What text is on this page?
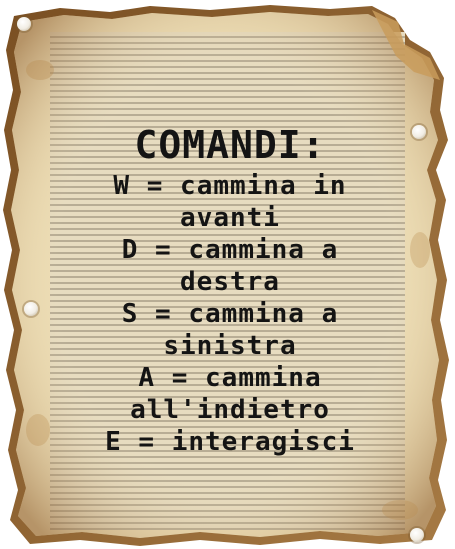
COMANDI:
W = cammina in
avanti
D = cammina a
destra
S = cammina a
sinistra
A = cammina
all'indietro
E = interagisci
